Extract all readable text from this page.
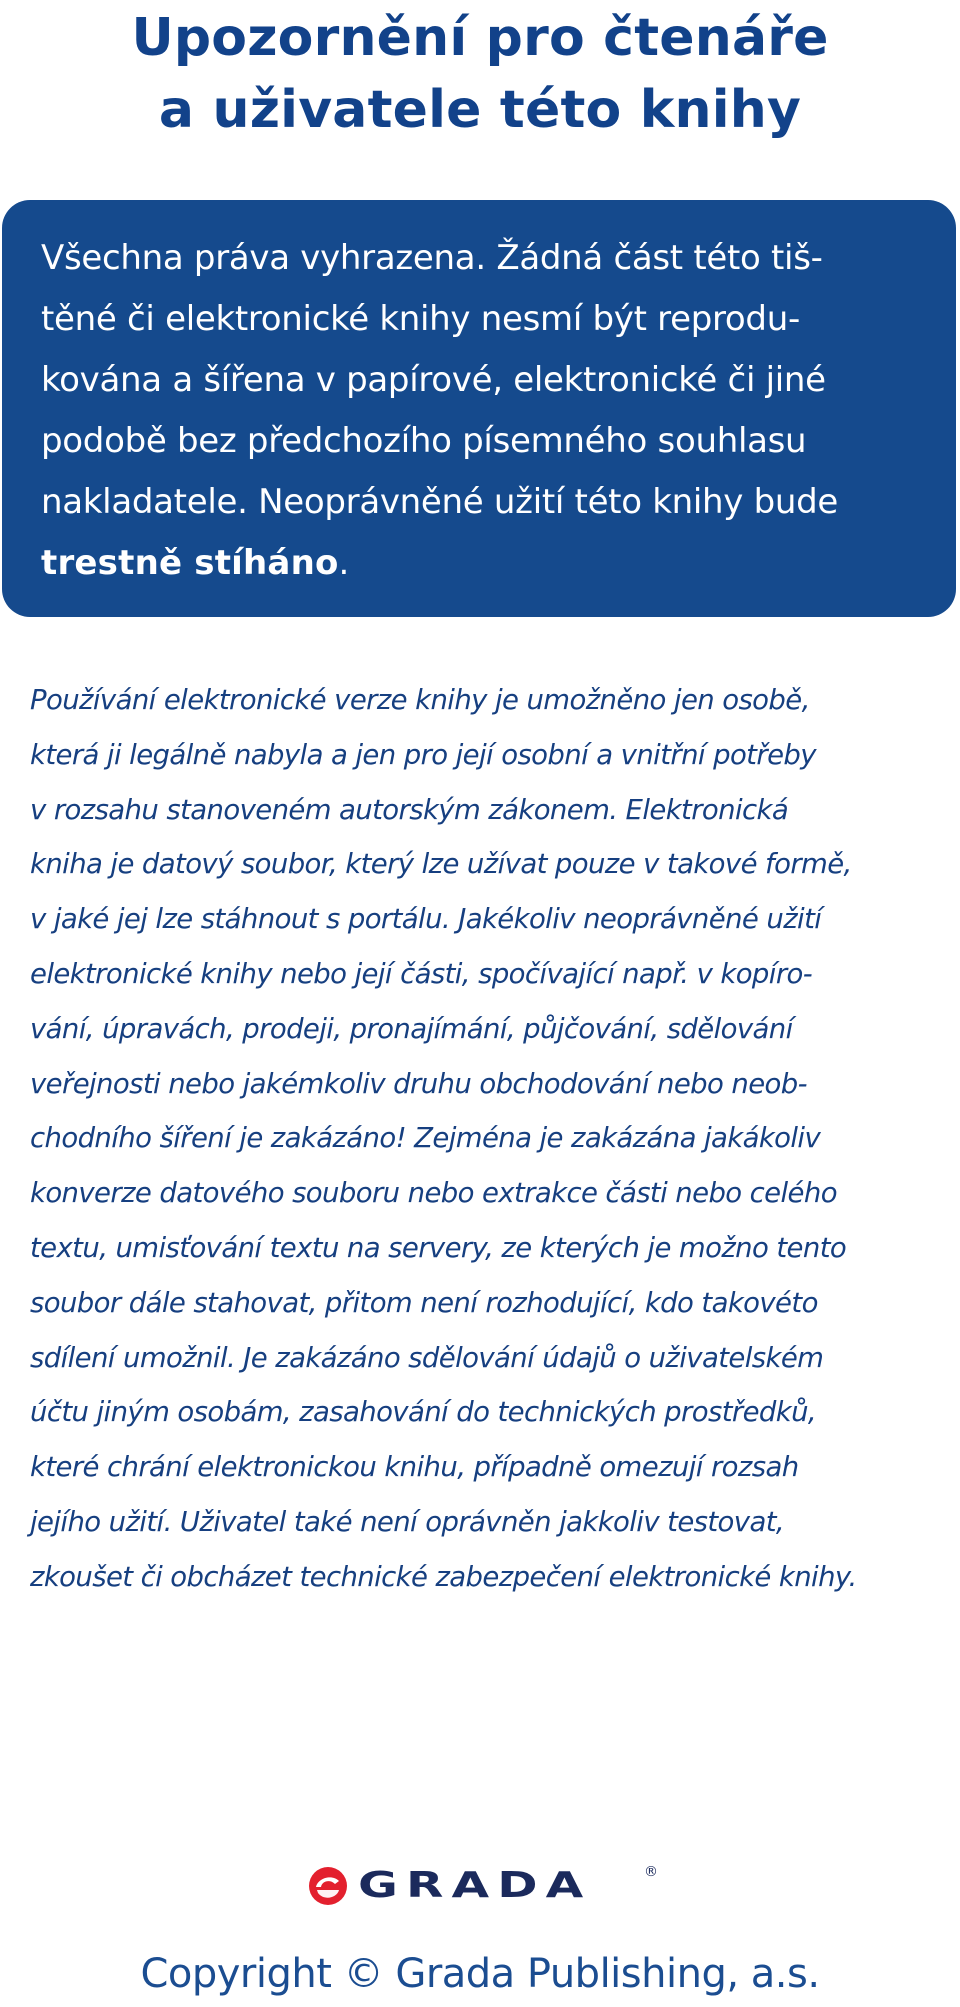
Upozornění pro čtenáře
a uživatele této knihy
Všechna práva vyhrazena. Žádná část této tiš-
těné či elektronické knihy nesmí být reprodu-
kována a šířena v papírové, elektronické či jiné
podobě bez předchozího písemného souhlasu
nakladatele. Neoprávněné užití této knihy bude
trestně stíháno.
Používání elektronické verze knihy je umožněno jen osobě,
která ji legálně nabyla a jen pro její osobní a vnitřní potřeby
v rozsahu stanoveném autorským zákonem. Elektronická
kniha je datový soubor, který lze užívat pouze v takové formě,
v jaké jej lze stáhnout s portálu. Jakékoliv neoprávněné užití
elektronické knihy nebo její části, spočívající např. v kopíro-
vání, úpravách, prodeji, pronajímání, půjčování, sdělování
veřejnosti nebo jakémkoliv druhu obchodování nebo neob-
chodního šíření je zakázáno! Zejména je zakázána jakákoliv
konverze datového souboru nebo extrakce části nebo celého
textu, umisťování textu na servery, ze kterých je možno tento
soubor dále stahovat, přitom není rozhodující, kdo takovéto
sdílení umožnil. Je zakázáno sdělování údajů o uživatelském
účtu jiným osobám, zasahování do technických prostředků,
které chrání elektronickou knihu, případně omezují rozsah
jejího užití. Uživatel také není oprávněn jakkoliv testovat,
zkoušet či obcházet technické zabezpečení elektronické knihy.
GRADA	®
Copyright © Grada Publishing, a.s.
